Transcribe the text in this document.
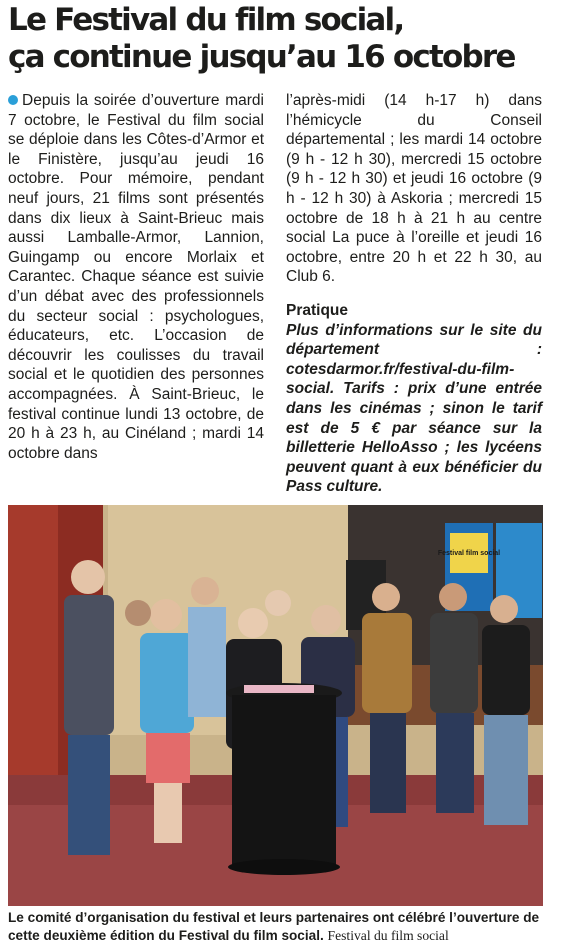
Le Festival du film social,
ça continue jusqu’au 16 octobre

Depuis la soirée d’ouverture mardi 7 octobre, le Festival du film social se déploie dans les Côtes-d’Armor et le Finistère, jusqu’au jeudi 16 octobre. Pour mémoire, pendant neuf jours, 21 films sont présentés dans dix lieux à Saint-Brieuc mais aussi Lamballe-Armor, Lannion, Guingamp ou encore Morlaix et Carantec. Chaque séance est suivie d’un débat avec des professionnels du secteur social : psychologues, éducateurs, etc. L’occasion de découvrir les coulisses du travail social et le quotidien des personnes accompagnées. À Saint-Brieuc, le festival continue lundi 13 octobre, de 20 h à 23 h, au Cinéland ; mardi 14 octobre dans

l’après-midi (14 h-17 h) dans l’hémicycle du Conseil départemental ; les mardi 14 octobre (9 h - 12 h 30), mercredi 15 octobre (9 h - 12 h 30) et jeudi 16 octobre (9 h - 12 h 30) à Askoria ; mercredi 15 octobre de 18 h à 21 h au centre social La puce à l’oreille et jeudi 16 octobre, entre 20 h et 22 h 30, au Club 6.

Pratique

Plus d’informations sur le site du département : cotesdarmor.fr/festival-du-film-social. Tarifs : prix d’une entrée dans les cinémas ; sinon le tarif est de 5 € par séance sur la billetterie HelloAsso ; les lycéens peuvent quant à eux bénéficier du Pass culture.

Festival film social
Le comité d’organisation du festival et leurs partenaires ont célébré l’ouverture de cette deuxième édition du Festival du film social. Festival du film social
